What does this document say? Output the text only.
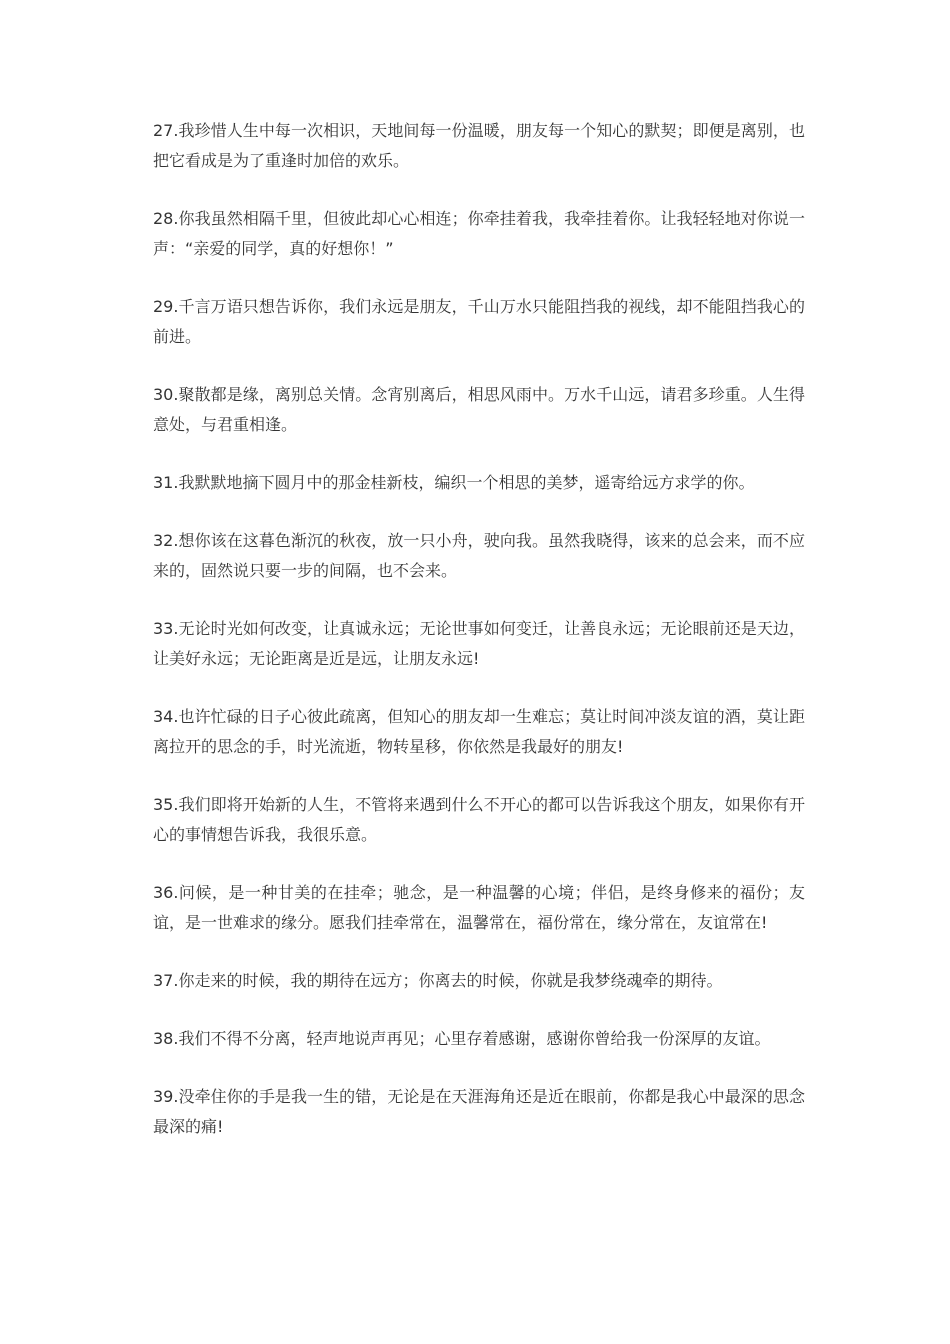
27.我珍惜人生中每一次相识，天地间每一份温暖，朋友每一个知心的默契；即便是离别，也把它看成是为了重逢时加倍的欢乐。

28.你我虽然相隔千里，但彼此却心心相连；你牵挂着我，我牵挂着你。让我轻轻地对你说一声：“亲爱的同学，真的好想你！”

29.千言万语只想告诉你，我们永远是朋友，千山万水只能阻挡我的视线，却不能阻挡我心的前进。

30.聚散都是缘，离别总关情。念宵别离后，相思风雨中。万水千山远，请君多珍重。人生得意处，与君重相逢。

31.我默默地摘下圆月中的那金桂新枝，编织一个相思的美梦，遥寄给远方求学的你。

32.想你该在这暮色渐沉的秋夜，放一只小舟，驶向我。虽然我晓得，该来的总会来，而不应来的，固然说只要一步的间隔，也不会来。

33.无论时光如何改变，让真诚永远；无论世事如何变迁，让善良永远；无论眼前还是天边，让美好永远；无论距离是近是远，让朋友永远!

34.也许忙碌的日子心彼此疏离，但知心的朋友却一生难忘；莫让时间冲淡友谊的酒，莫让距离拉开的思念的手，时光流逝，物转星移，你依然是我最好的朋友!

35.我们即将开始新的人生，不管将来遇到什么不开心的都可以告诉我这个朋友，如果你有开心的事情想告诉我，我很乐意。

36.问候，是一种甘美的在挂牵；驰念，是一种温馨的心境；伴侣，是终身修来的福份；友谊，是一世难求的缘分。愿我们挂牵常在，温馨常在，福份常在，缘分常在，友谊常在!

37.你走来的时候，我的期待在远方；你离去的时候，你就是我梦绕魂牵的期待。

38.我们不得不分离，轻声地说声再见；心里存着感谢，感谢你曾给我一份深厚的友谊。

39.没牵住你的手是我一生的错，无论是在天涯海角还是近在眼前，你都是我心中最深的思念最深的痛!
